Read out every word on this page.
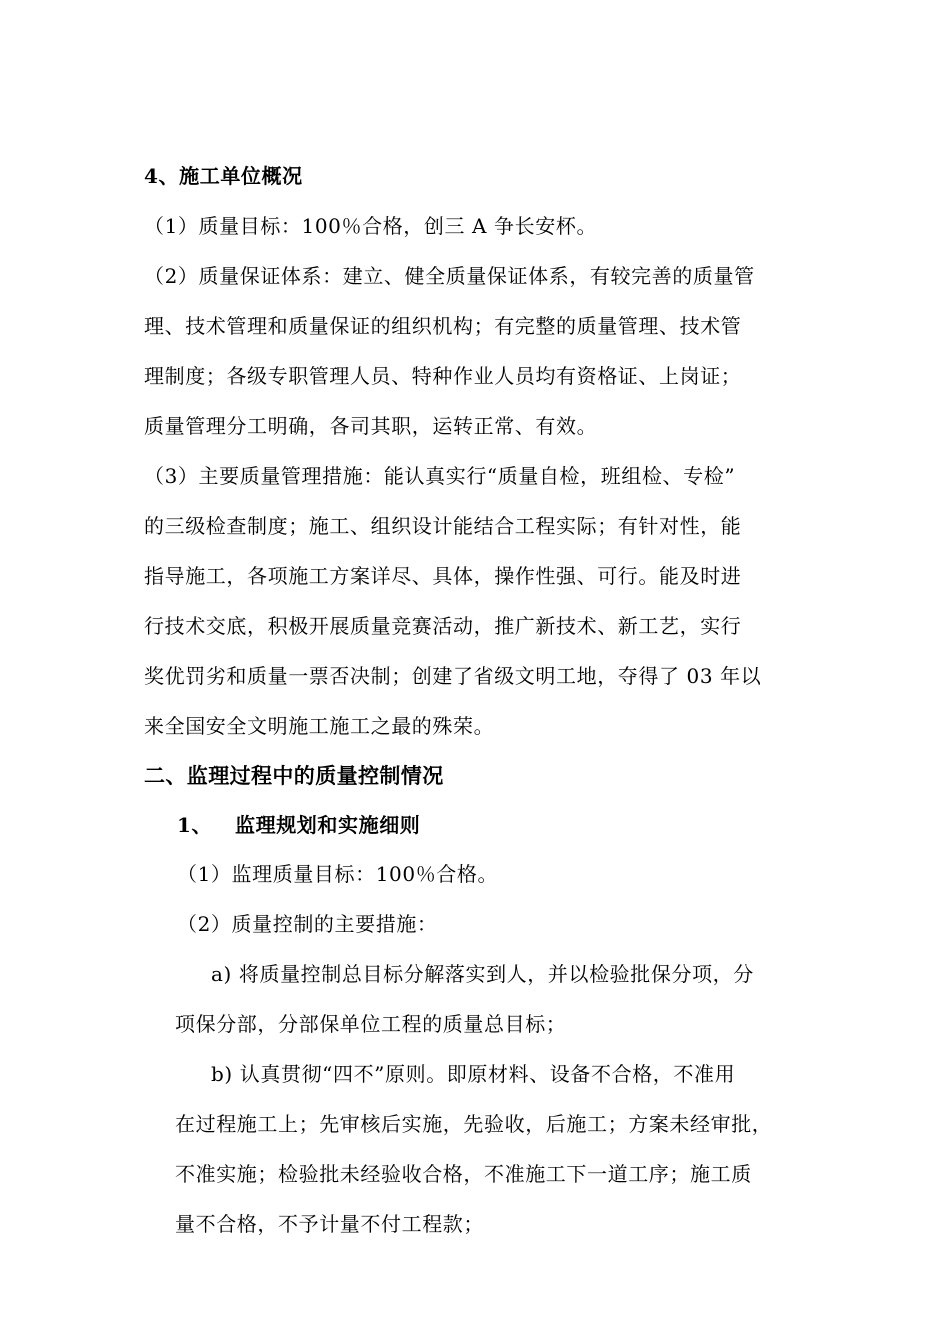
4、施工单位概况
（1）质量目标：100％合格，创三 A 争长安杯。
（2）质量保证体系：建立、健全质量保证体系，有较完善的质量管
理、技术管理和质量保证的组织机构；有完整的质量管理、技术管
理制度；各级专职管理人员、特种作业人员均有资格证、上岗证；
质量管理分工明确，各司其职，运转正常、有效。
（3）主要质量管理措施：能认真实行“质量自检，班组检、专检”
的三级检查制度；施工、组织设计能结合工程实际；有针对性，能
指导施工，各项施工方案详尽、具体，操作性强、可行。能及时进
行技术交底，积极开展质量竞赛活动，推广新技术、新工艺，实行
奖优罚劣和质量一票否决制；创建了省级文明工地，夺得了 03 年以
来全国安全文明施工施工之最的殊荣。
二、监理过程中的质量控制情况
1、 监理规划和实施细则
（1）监理质量目标：100％合格。
（2）质量控制的主要措施：
a) 将质量控制总目标分解落实到人，并以检验批保分项，分
项保分部，分部保单位工程的质量总目标；
b) 认真贯彻“四不”原则。即原材料、设备不合格，不准用
在过程施工上；先审核后实施，先验收，后施工；方案未经审批，
不准实施；检验批未经验收合格，不准施工下一道工序；施工质
量不合格，不予计量不付工程款；
